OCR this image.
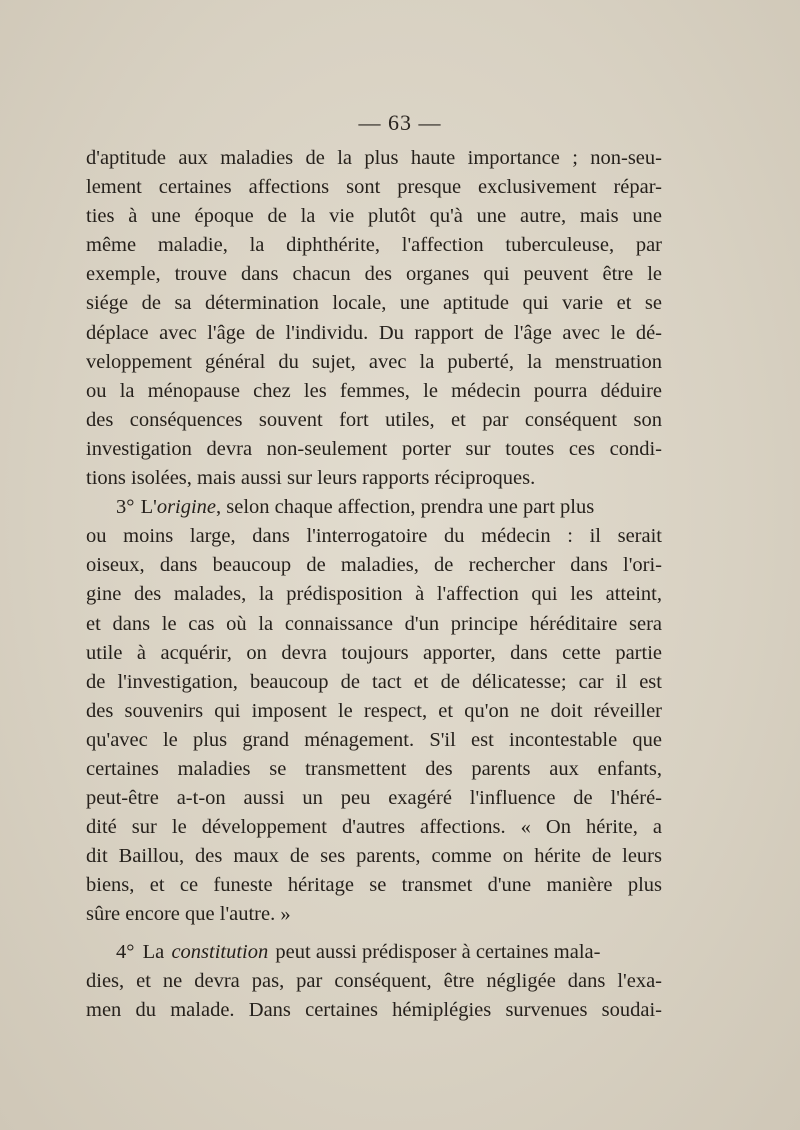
— 63 —
d'aptitude aux maladies de la plus haute importance ; non-seu-
lement certaines affections sont presque exclusivement répar-
ties à une époque de la vie plutôt qu'à une autre, mais une
même maladie, la diphthérite, l'affection tuberculeuse, par
exemple, trouve dans chacun des organes qui peuvent être le
siége de sa détermination locale, une aptitude qui varie et se
déplace avec l'âge de l'individu. Du rapport de l'âge avec le dé-
veloppement général du sujet, avec la puberté, la menstruation
ou la ménopause chez les femmes, le médecin pourra déduire
des conséquences souvent fort utiles, et par conséquent son
investigation devra non-seulement porter sur toutes ces condi-
tions isolées, mais aussi sur leurs rapports réciproques.
3° L' origine , selon chaque affection, prendra une part plus
ou moins large, dans l'interrogatoire du médecin : il serait
oiseux, dans beaucoup de maladies, de rechercher dans l'ori-
gine des malades, la prédisposition à l'affection qui les atteint,
et dans le cas où la connaissance d'un principe héréditaire sera
utile à acquérir, on devra toujours apporter, dans cette partie
de l'investigation, beaucoup de tact et de délicatesse; car il est
des souvenirs qui imposent le respect, et qu'on ne doit réveiller
qu'avec le plus grand ménagement. S'il est incontestable que
certaines maladies se transmettent des parents aux enfants,
peut-être a-t-on aussi un peu exagéré l'influence de l'héré-
dité sur le développement d'autres affections. « On hérite, a
dit Baillou, des maux de ses parents, comme on hérite de leurs
biens, et ce funeste héritage se transmet d'une manière plus
sûre encore que l'autre. »
4° La constitution peut aussi prédisposer à certaines mala-
dies, et ne devra pas, par conséquent, être négligée dans l'exa-
men du malade. Dans certaines hémiplégies survenues soudai-
